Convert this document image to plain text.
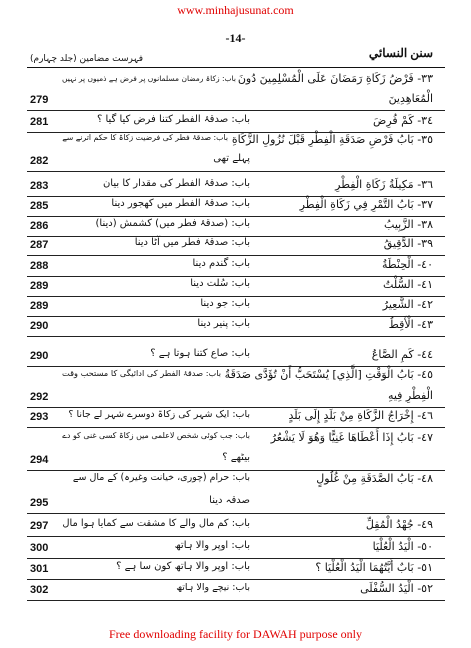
www.minhajusunat.com
-14-
سنن النسائي
فہرست مضامین (جلد چہارم)
٣٣- فَرْضُ زَكَاةِ رَمَضَانَ عَلَى الْمُسْلِمِينَ دُونَ
باب: زکاۃ رمضان مسلمانوں پر فرض ہے ذمیوں پر نہیں
الْمُعَاهِدِينَ
279
٣٤- كَمْ فُرِضَ
باب: صدقۂ الفطر کتنا فرض کیا گیا ؟
281
٣٥- بَابُ فَرْضِ صَدَقَةِ الْفِطْرِ قَبْلَ نُزُولِ الزَّكَاةِ
باب: صدقۂ فطر کی فرضیت زکاۃ کا حکم اترنے سے
پہلے تھی
282
٣٦- مَكِيلَةُ زَكَاةِ الْفِطْرِ
باب: صدقۂ الفطر کی مقدار کا بیان
283
٣٧- بَابُ التَّمْرِ فِي زَكَاةِ الْفِطْرِ
باب: صدقۂ الفطر میں کھجور دینا
285
٣٨- الزَّبِيبُ
باب: (صدقۂ فطر میں) کشمش (دینا)
286
٣٩- الدَّقِيقُ
باب: صدقۂ فطر میں آٹا دینا
287
٤٠- الْحِنْطَةُ
باب: گندم دینا
288
٤١- السُّلْتُ
باب: سُلت دینا
289
٤٢- الشَّعِيرُ
باب: جو دینا
289
٤٣- الْأَقِطُ
باب: پنیر دینا
290
٤٤- كَمِ الصَّاعُ
باب: صاع کتنا ہوتا ہے ؟
290
٤٥- بَابُ الْوَقْتِ [الَّذِي] يُسْتَحَبُّ أَنْ تُؤَدَّى صَدَقَةُ
باب: صدقۂ الفطر کی ادائیگی کا مستحب وقت
الْفِطْرِ فِيهِ
292
٤٦- إِخْرَاجُ الزَّكَاةِ مِنْ بَلَدٍ إِلَى بَلَدٍ
باب: ایک شہر کی زکاۃ دوسرے شہر لے جانا ؟
293
٤٧- بَابُ إِذَا أَعْطَاهَا غَنِيًّا وَهُوَ لَا يَشْعُرُ
باب: جب کوئی شخص لاعلمی میں زکاۃ کسی غنی کو دے
بیٹھے ؟
294
٤٨- بَابُ الصَّدَقَةِ مِنْ غُلُولٍ
باب: حرام (چوری، خیانت وغیرہ) کے مال سے
صدقہ دینا
295
٤٩- جُهْدُ الْمُقِلِّ
باب: کم مال والے کا مشقت سے کمایا ہوا مال
297
٥٠- الْيَدُ الْعُلْيَا
باب: اوپر والا ہاتھ
300
٥١- بَابٌ أَيَّتُهُمَا الْيَدُ الْعُلْيَا ؟
باب: اوپر والا ہاتھ کون سا ہے ؟
301
٥٢- الْيَدُ السُّفْلَى
باب: نیچے والا ہاتھ
302
Free downloading facility for DAWAH purpose only
